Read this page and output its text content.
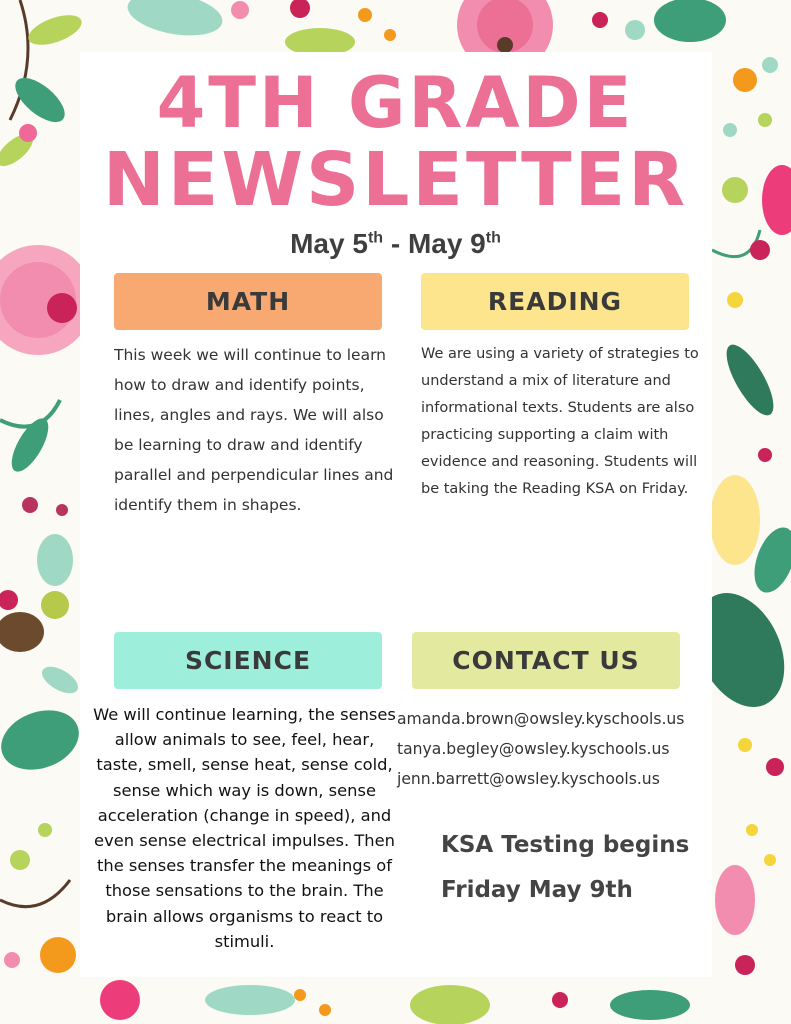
4TH GRADE
NEWSLETTER
May 5th - May 9th
MATH
This week we will continue to learn how to draw and identify points, lines, angles and rays. We will also be learning to draw and identify parallel and perpendicular lines and identify them in shapes.
READING
We are using a variety of strategies to understand a mix of literature and informational texts. Students are also practicing supporting a claim with evidence and reasoning. Students will be taking the Reading KSA on Friday.
SCIENCE
We will continue learning, the senses allow animals to see, feel, hear, taste, smell, sense heat, sense cold, sense which way is down, sense acceleration (change in speed), and even sense electrical impulses. Then the senses transfer the meanings of those sensations to the brain. The brain allows organisms to react to stimuli.
CONTACT US
amanda.brown@owsley.kyschools.us
tanya.begley@owsley.kyschools.us
jenn.barrett@owsley.kyschools.us
KSA Testing begins
Friday May 9th
